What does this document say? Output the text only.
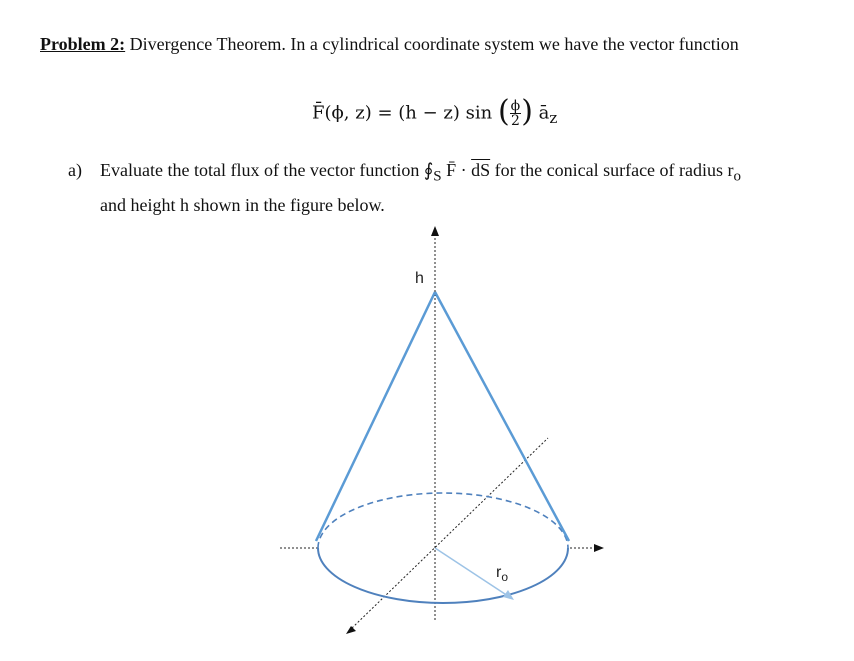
Problem 2: Divergence Theorem. In a cylindrical coordinate system we have the vector function
F̄(ϕ, z) = (h − z) sin ( $\frac{\phi}{2}$ ) $ā_z$
a) Evaluate the total flux of the vector function $∮_S$ F̄ · $\overline{dS}$ for the conical surface of radius $r_o$
and height h shown in the figure below.
h
$r_o$
